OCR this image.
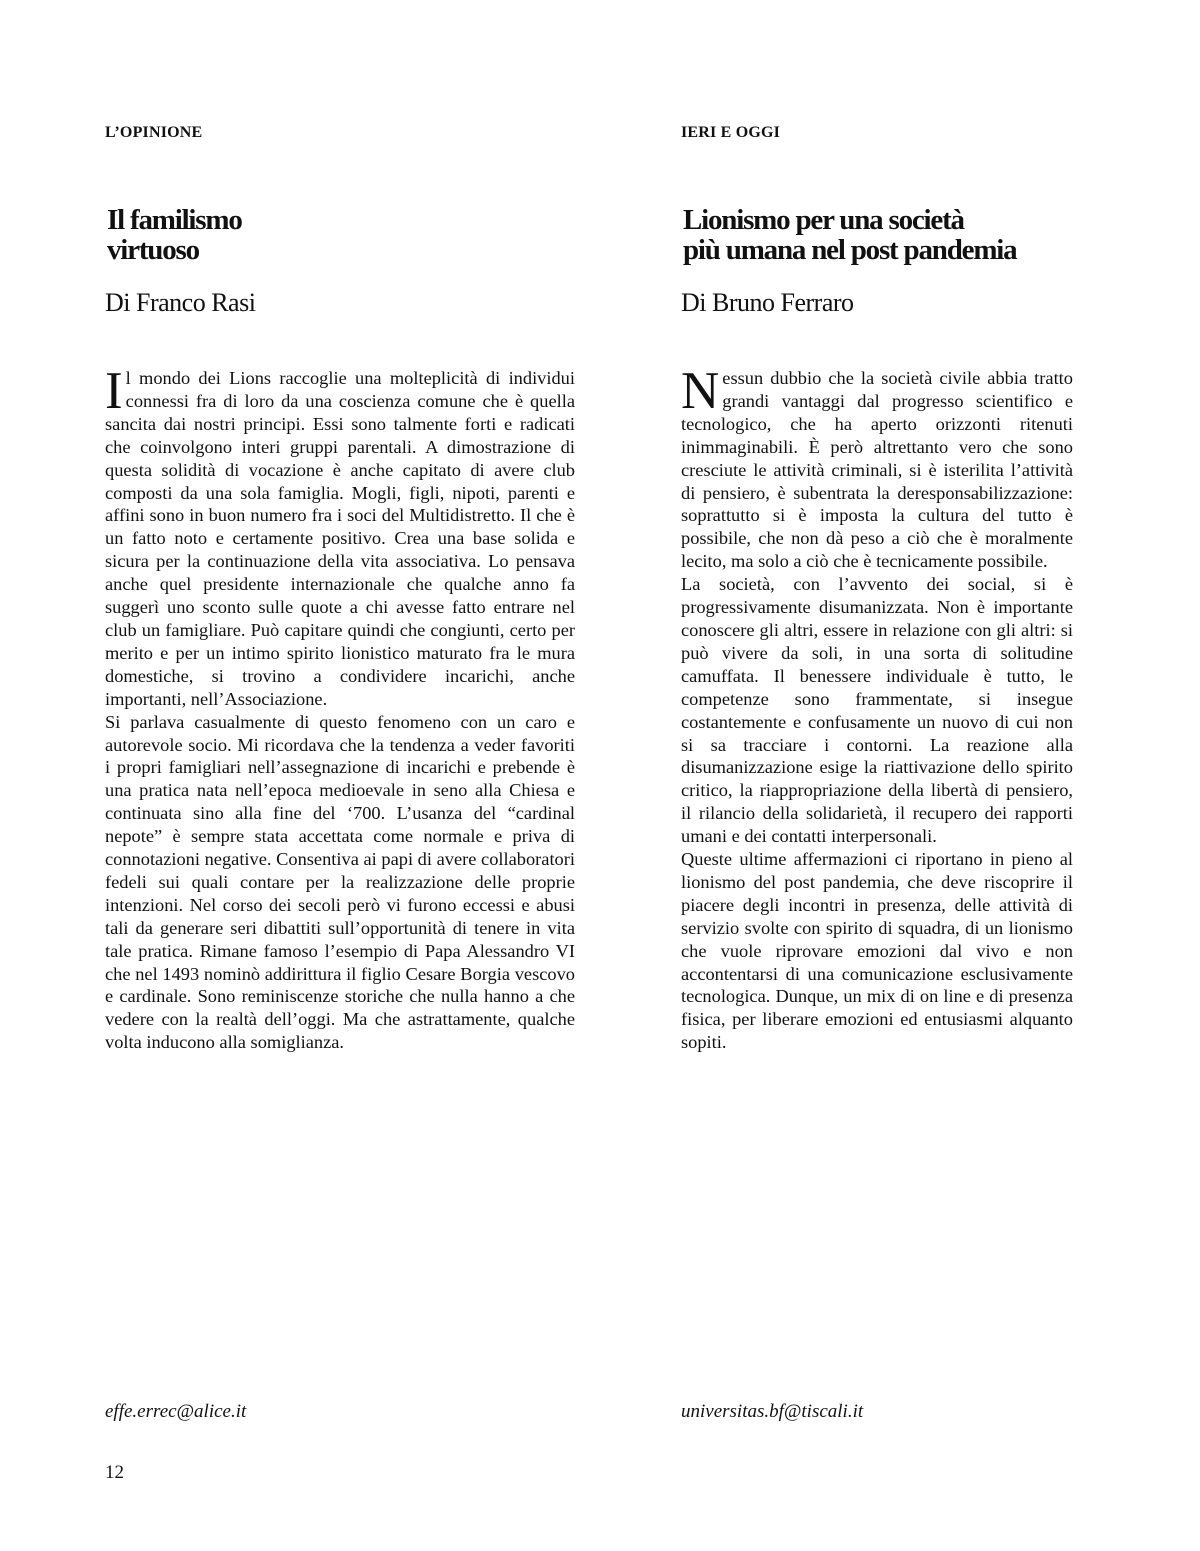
L’OPINIONE
Il familismo
virtuoso
Di Franco Rasi

Il mondo dei Lions raccoglie una molteplicità di individui connessi fra di loro da una coscienza comune che è quella sancita dai nostri principi. Essi sono talmente forti e radicati che coinvolgono interi gruppi parentali. A dimostrazione di questa solidità di vocazione è anche capitato di avere club composti da una sola famiglia. Mogli, figli, nipoti, parenti e affini sono in buon numero fra i soci del Multidistretto. Il che è un fatto noto e certamente positivo. Crea una base solida e sicura per la continuazione della vita associativa. Lo pensava anche quel presidente internazionale che qualche anno fa suggerì uno sconto sulle quote a chi avesse fatto entrare nel club un famigliare. Può capitare quindi che congiunti, certo per merito e per un intimo spirito lionistico maturato fra le mura domestiche, si trovino a condividere incarichi, anche importanti, nell’Associazione.

Si parlava casualmente di questo fenomeno con un caro e autorevole socio. Mi ricordava che la tendenza a veder favoriti i propri famigliari nell’assegnazione di incarichi e prebende è una pratica nata nell’epoca medioevale in seno alla Chiesa e continuata sino alla fine del ‘700. L’usanza del “cardinal nepote” è sempre stata accettata come normale e priva di connotazioni negative. Consentiva ai papi di avere collaboratori fedeli sui quali contare per la realizzazione delle proprie intenzioni. Nel corso dei secoli però vi furono eccessi e abusi tali da generare seri dibattiti sull’opportunità di tenere in vita tale pratica. Rimane famoso l’esempio di Papa Alessandro VI che nel 1493 nominò addirittura il figlio Cesare Borgia vescovo e cardinale. Sono reminiscenze storiche che nulla hanno a che vedere con la realtà dell’oggi. Ma che astrattamente, qualche volta inducono alla somiglianza.

effe.errec@alice.it
IERI E OGGI
Lionismo per una società
più umana nel post pandemia
Di Bruno Ferraro

Nessun dubbio che la società civile abbia tratto grandi vantaggi dal progresso scientifico e tecnologico, che ha aperto orizzonti ritenuti inimmaginabili. È però altrettanto vero che sono cresciute le attività criminali, si è isterilita l’attività di pensiero, è subentrata la deresponsabilizzazione: soprattutto si è imposta la cultura del tutto è possibile, che non dà peso a ciò che è moralmente lecito, ma solo a ciò che è tecnicamente possibile.

La società, con l’avvento dei social, si è progressivamente disumanizzata. Non è importante conoscere gli altri, essere in relazione con gli altri: si può vivere da soli, in una sorta di solitudine camuffata. Il benessere individuale è tutto, le competenze sono frammentate, si insegue costantemente e confusamente un nuovo di cui non si sa tracciare i contorni. La reazione alla disumanizzazione esige la riattivazione dello spirito critico, la riappropriazione della libertà di pensiero, il rilancio della solidarietà, il recupero dei rapporti umani e dei contatti interpersonali.

Queste ultime affermazioni ci riportano in pieno al lionismo del post pandemia, che deve riscoprire il piacere degli incontri in presenza, delle attività di servizio svolte con spirito di squadra, di un lionismo che vuole riprovare emozioni dal vivo e non accontentarsi di una comunicazione esclusivamente tecnologica. Dunque, un mix di on line e di presenza fisica, per liberare emozioni ed entusiasmi alquanto sopiti.

universitas.bf@tiscali.it
12
